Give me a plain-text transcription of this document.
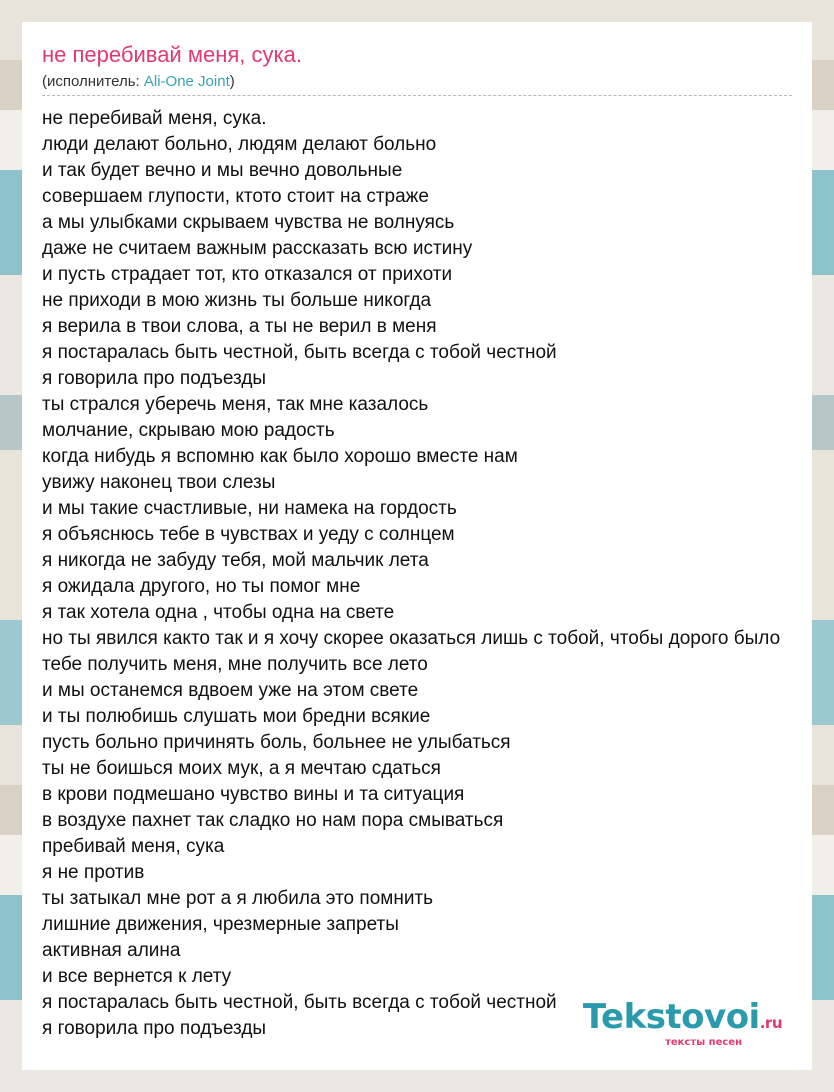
не перебивай меня, сука.
(исполнитель: Ali-One Joint)
не перебивай меня, сука.
люди делают больно, людям делают больно
и так будет вечно и мы вечно довольные
совершаем глупости, ктото стоит на страже
а мы улыбками скрываем чувства не волнуясь
даже не считаем важным рассказать всю истину
и пусть страдает тот, кто отказался от прихоти
не приходи в мою жизнь ты больше никогда
я верила в твои слова, а ты не верил в меня
я постаралась быть честной, быть всегда с тобой честной
я говорила про подъезды
ты стрался уберечь меня, так мне казалось
молчание, скрываю мою радость
когда нибудь я вспомню как было хорошо вместе нам
увижу наконец твои слезы
и мы такие счастливые, ни намека на гордость
я объяснюсь тебе в чувствах и уеду с солнцем
я никогда не забуду тебя, мой мальчик лета
я ожидала другого, но ты помог мне
я так хотела одна , чтобы одна на свете
но ты явился както так и я хочу скорее оказаться лишь с тобой, чтобы дорого было
тебе получить меня, мне получить все лето
и мы останемся вдвоем уже на этом свете
и ты полюбишь слушать мои бредни всякие
пусть больно причинять боль, больнее не улыбаться
ты не боишься моих мук, а я мечтаю сдаться
в крови подмешано чувство вины и та ситуация
в воздухе пахнет так сладко но нам пора смываться
пребивай меня, сука
я не против
ты затыкал мне рот а я любила это помнить
лишние движения, чрезмерные запреты
активная алина
и все вернется к лету
я постаралась быть честной, быть всегда с тобой честной
я говорила про подъезды	Tekstovoi.ru
тексты песен
